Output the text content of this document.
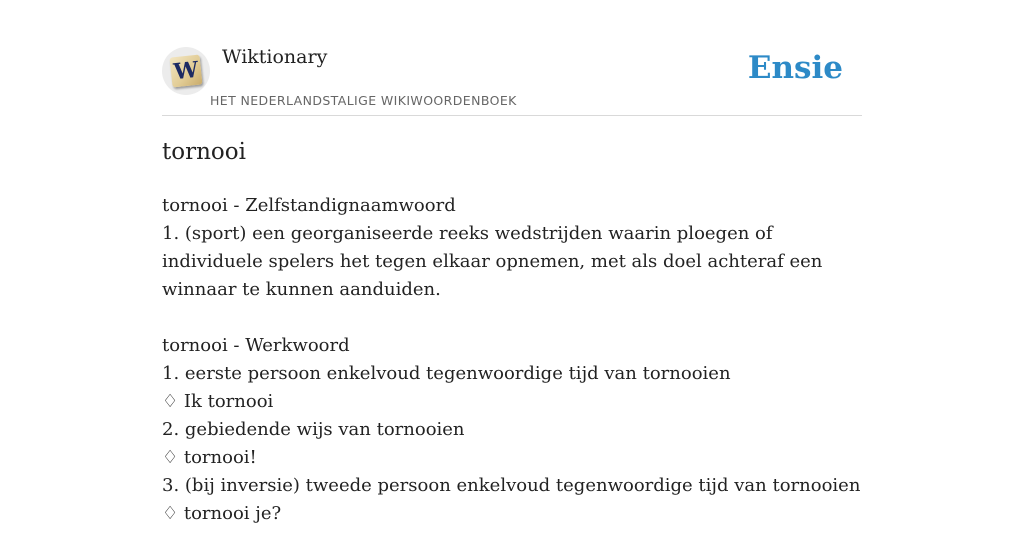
W Wiktionary
HET NEDERLANDSTALIGE WIKIWOORDENBOEK
Ensie
tornooi
tornooi - Zelfstandignaamwoord
1. (sport) een georganiseerde reeks wedstrijden waarin ploegen of individuele spelers het tegen elkaar opnemen, met als doel achteraf een winnaar te kunnen aanduiden.
tornooi - Werkwoord
1. eerste persoon enkelvoud tegenwoordige tijd van tornooien
♢ Ik tornooi
2. gebiedende wijs van tornooien
♢ tornooi!
3. (bij inversie) tweede persoon enkelvoud tegenwoordige tijd van tornooien
♢ tornooi je?
